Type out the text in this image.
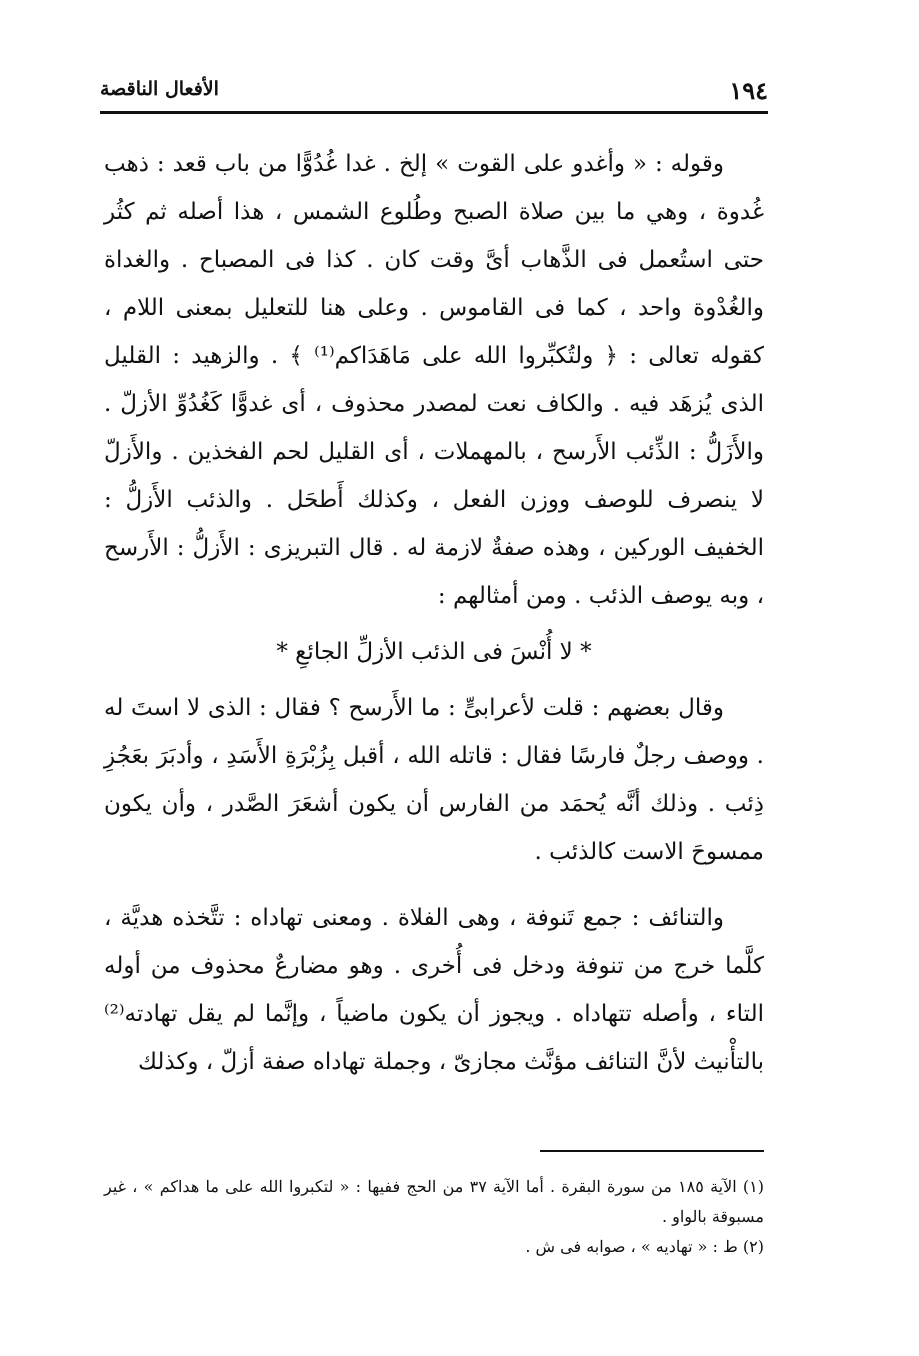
١٩٤
الأفعال الناقصة

وقوله : « وأغدو على القوت » إلخ . غدا غُدُوًّا من باب قعد : ذهب غُدوة ، وهي ما بين صلاة الصبح وطُلوع الشمس ، هذا أصله ثم كثُر حتى استُعمل فى الذَّهاب أىَّ وقت كان . كذا فى المصباح . والغداة والغُدْوة واحد ، كما فى القاموس . وعلى هنا للتعليل بمعنى اللام ، كقوله تعالى : ﴿ ولتُكبِّروا الله على مَاهَدَاكم⁽¹⁾ ﴾ . والزهيد : القليل الذى يُزهَد فيه . والكاف نعت لمصدر محذوف ، أى غدوًّا كَغُدُوِّ الأزلّ . والأَزَلُّ : الذِّئب الأَرسح ، بالمهملات ، أى القليل لحم الفخذين . والأَزلّ لا ينصرف للوصف ووزن الفعل ، وكذلك أَطحَل . والذئب الأَزلُّ : الخفيف الوركين ، وهذه صفةٌ لازمة له . قال التبريزى : الأَزلُّ : الأَرسح ، وبه يوصف الذئب . ومن أمثالهم :

* لا أُنْسَ فى الذئب الأزلِّ الجائعِ *

وقال بعضهم : قلت لأعرابىٍّ : ما الأَرسح ؟ فقال : الذى لا استَ له . ووصف رجلٌ فارسًا فقال : قاتله الله ، أقبل بِزُبْرَةِ الأَسَدِ ، وأدبَرَ بعَجُزِ ذِئب . وذلك أنَّه يُحمَد من الفارس أن يكون أشعَرَ الصَّدر ، وأن يكون ممسوحَ الاست كالذئب .

والتنائف : جمع تَنوفة ، وهى الفلاة . ومعنى تهاداه : تتَّخذه هديَّة ، كلَّما خرج من تنوفة ودخل فى أُخرى . وهو مضارعٌ محذوف من أوله التاء ، وأصله تتهاداه . ويجوز أن يكون ماضياً ، وإنَّما لم يقل تهادته⁽²⁾ بالتأْنيث لأنَّ التنائف مؤنَّث مجازىّ ، وجملة تهاداه صفة أزلّ ، وكذلك

(١) الآية ١٨٥ من سورة البقرة . أما الآية ٣٧ من الحج ففيها : « لتكبروا الله على ما هداكم » ، غير مسبوقة بالواو .

(٢) ط : « تهاديه » ، صوابه فى ش .
